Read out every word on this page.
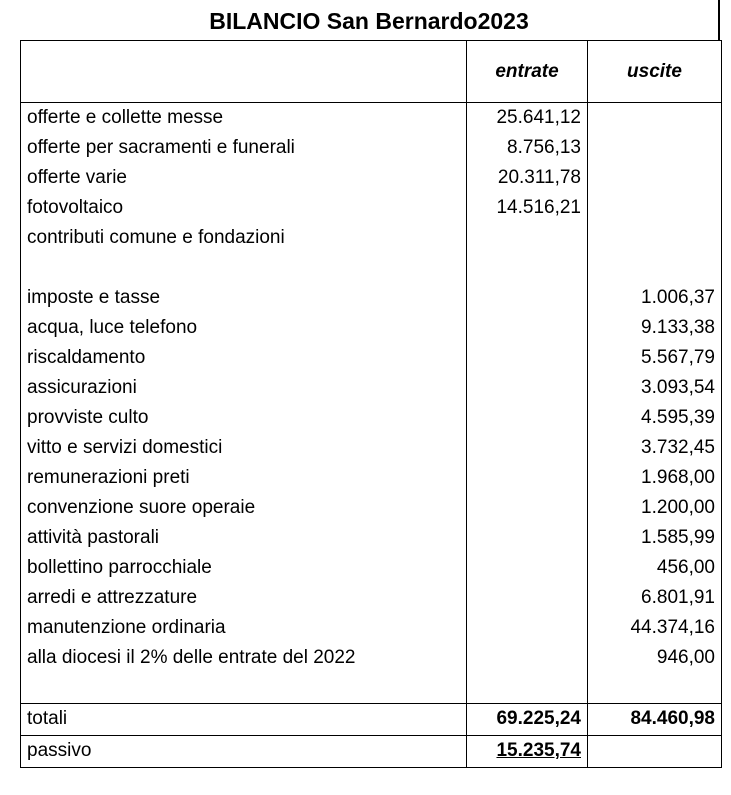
BILANCIO San Bernardo2023
	entrate	uscite
offerte e collette messe	25.641,12	
offerte per sacramenti e funerali	8.756,13	
offerte varie	20.311,78	
fotovoltaico	14.516,21	
contributi comune e fondazioni		

imposte e tasse		1.006,37
acqua, luce telefono		9.133,38
riscaldamento		5.567,79
assicurazioni		3.093,54
provviste culto		4.595,39
vitto e servizi domestici		3.732,45
remunerazioni preti		1.968,00
convenzione suore operaie		1.200,00
attività pastorali		1.585,99
bollettino parrocchiale		456,00
arredi e attrezzature		6.801,91
manutenzione ordinaria		44.374,16
alla diocesi il 2% delle entrate del 2022		946,00

totali	69.225,24	84.460,98
passivo	15.235,74	
